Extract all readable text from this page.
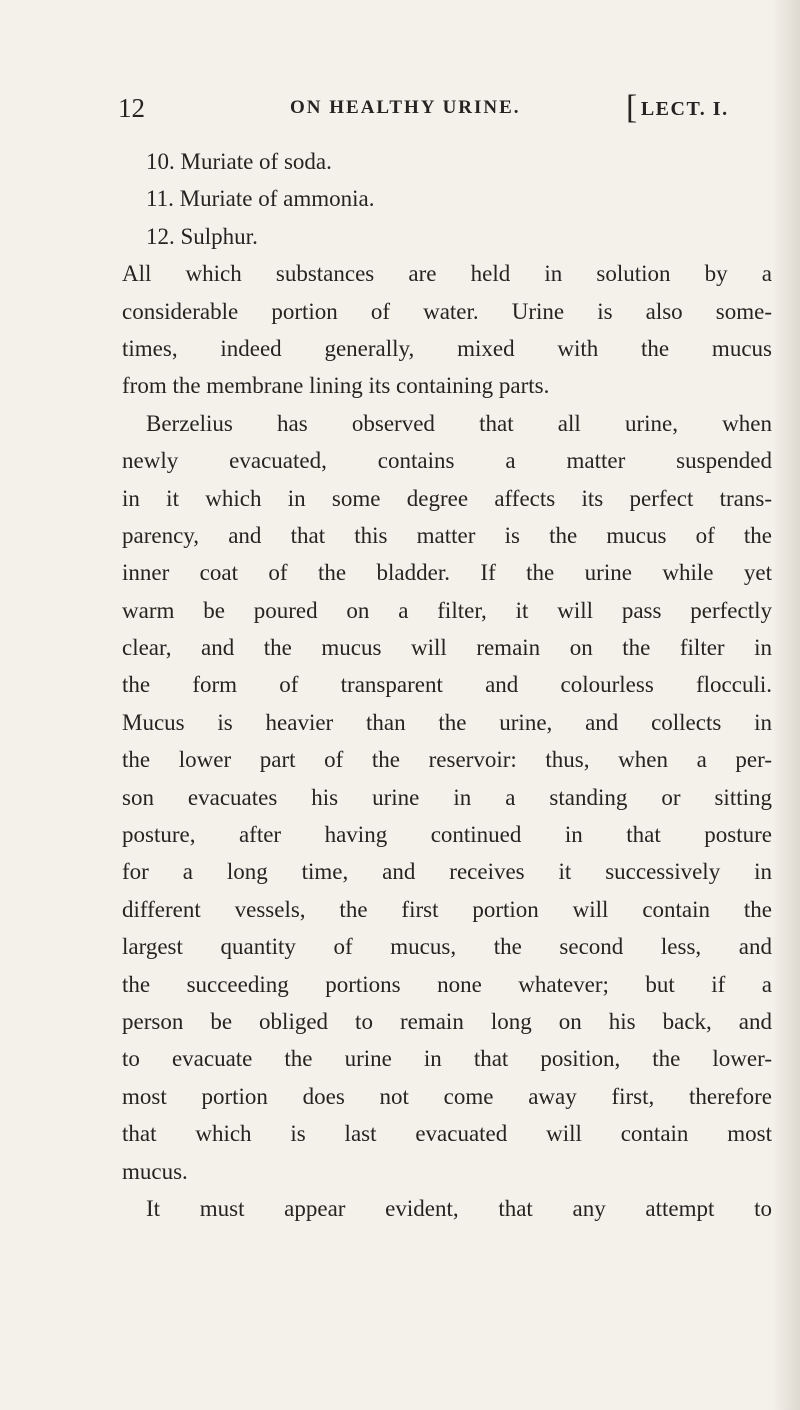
12	ON HEALTHY URINE.	[ LECT. I.
10. Muriate of soda.
11. Muriate of ammonia.
12. Sulphur.
All which substances are held in solution by a
considerable portion of water. Urine is also some-
times, indeed generally, mixed with the mucus
from the membrane lining its containing parts.
Berzelius has observed that all urine, when
newly evacuated, contains a matter suspended
in it which in some degree affects its perfect trans-
parency, and that this matter is the mucus of the
inner coat of the bladder. If the urine while yet
warm be poured on a filter, it will pass perfectly
clear, and the mucus will remain on the filter in
the form of transparent and colourless flocculi.
Mucus is heavier than the urine, and collects in
the lower part of the reservoir: thus, when a per-
son evacuates his urine in a standing or sitting
posture, after having continued in that posture
for a long time, and receives it successively in
different vessels, the first portion will contain the
largest quantity of mucus, the second less, and
the succeeding portions none whatever; but if a
person be obliged to remain long on his back, and
to evacuate the urine in that position, the lower-
most portion does not come away first, therefore
that which is last evacuated will contain most
mucus.
It must appear evident, that any attempt to
